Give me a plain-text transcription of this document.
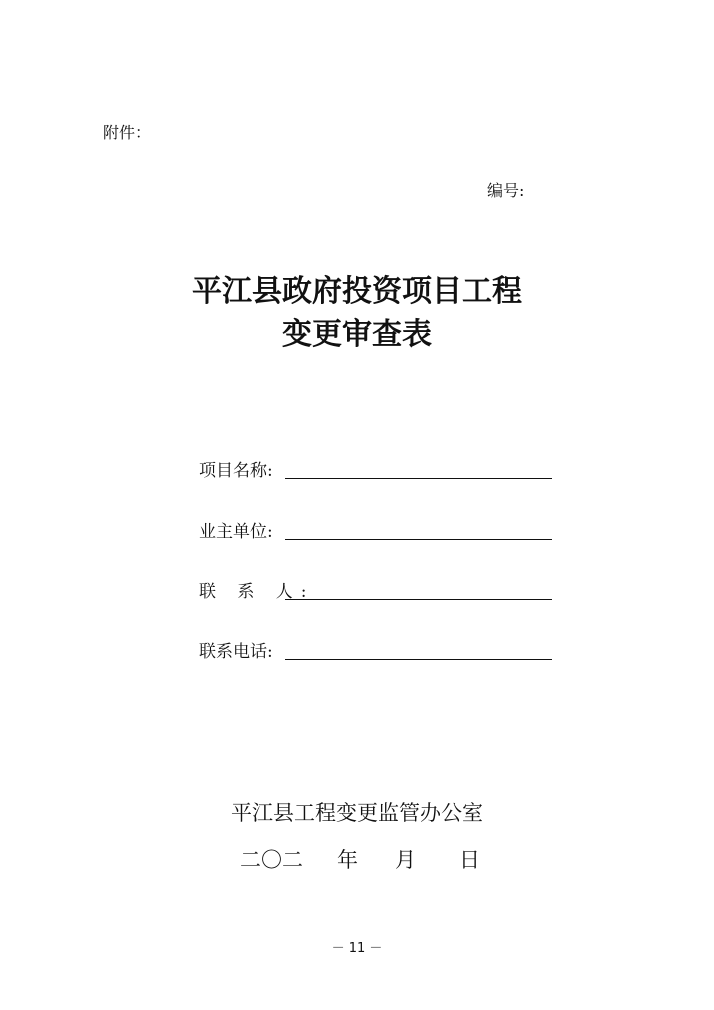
附件：
编号:
平江县政府投资项目工程
变更审查表
项目名称:
业主单位:
联 系 人:
联系电话:
平江县工程变更监管办公室
二〇二 年 月 日
－ 11 －
